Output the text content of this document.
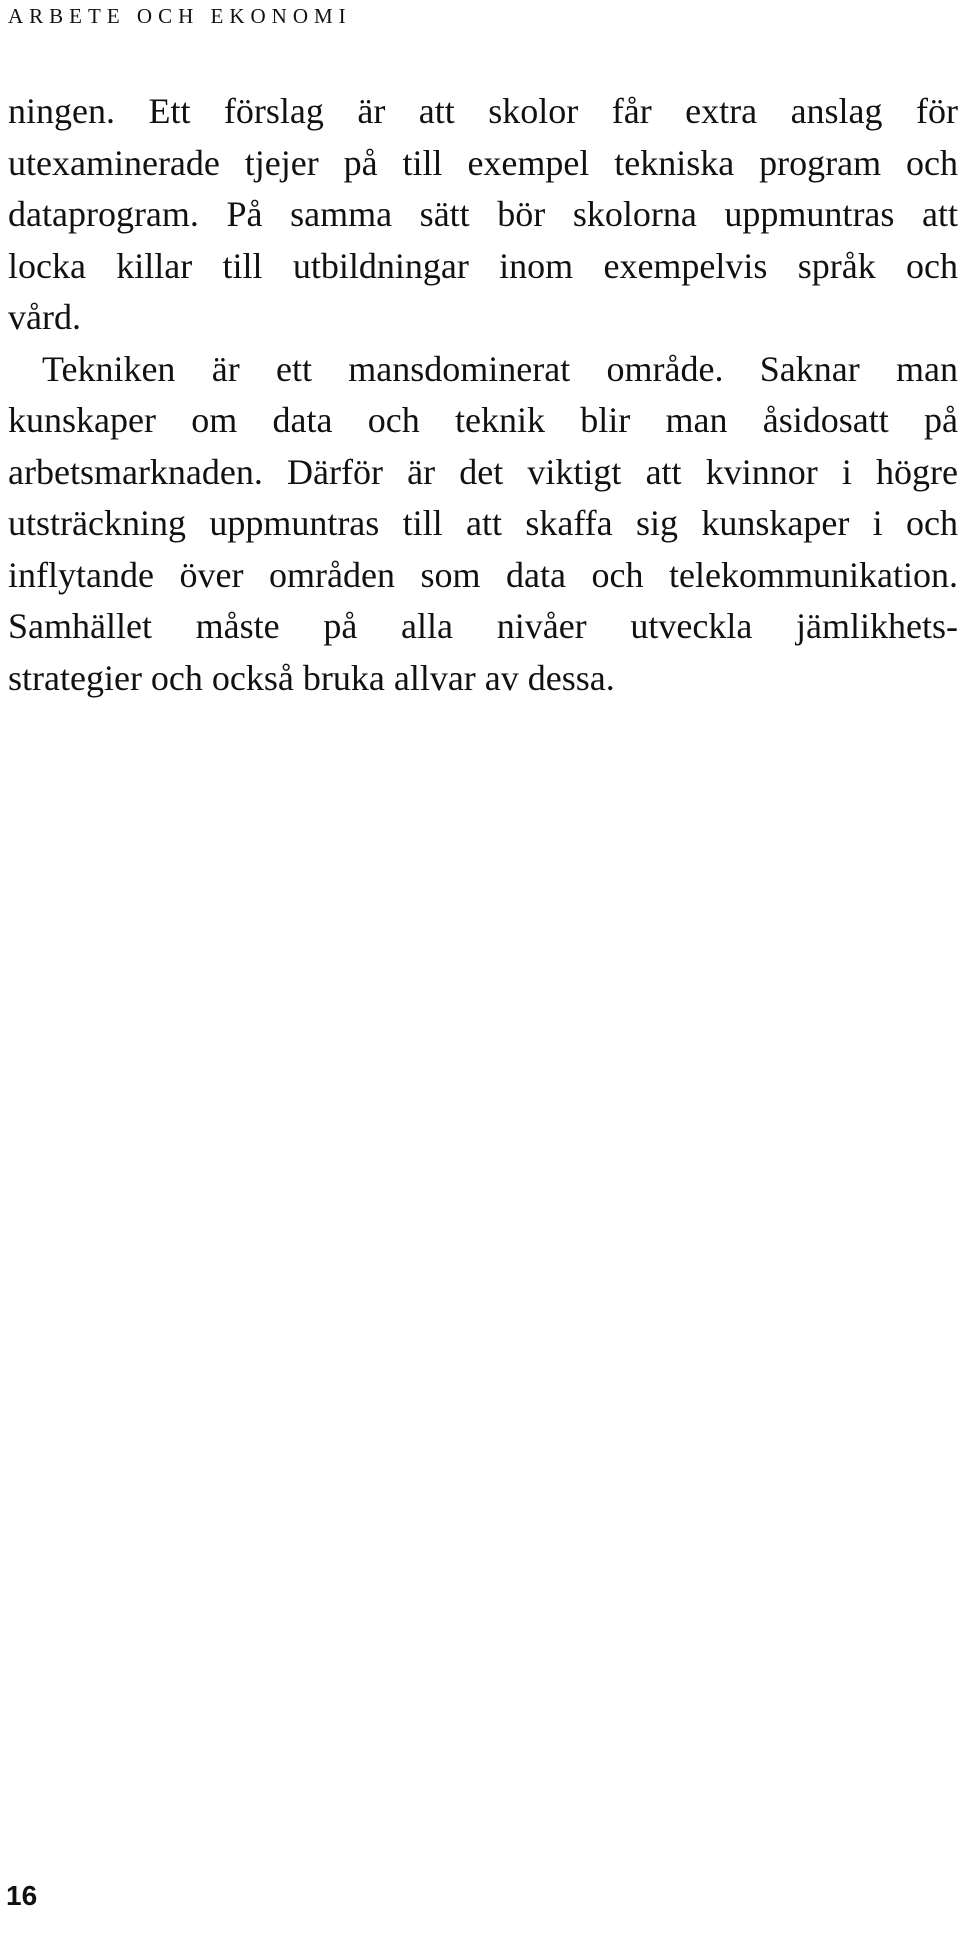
ARBETE OCH EKONOMI
ningen. Ett förslag är att skolor får extra anslag för
utexaminerade tjejer på till exempel tekniska program och
dataprogram. På samma sätt bör skolorna uppmuntras att
locka killar till utbildningar inom exempelvis språk och
vård.
Tekniken är ett mansdominerat område. Saknar man
kunskaper om data och teknik blir man åsidosatt på
arbetsmarknaden. Därför är det viktigt att kvinnor i högre
utsträckning uppmuntras till att skaffa sig kunskaper i och
inflytande över områden som data och telekommunikation.
Samhället måste på alla nivåer utveckla jämlikhets-
strategier och också bruka allvar av dessa.
16
